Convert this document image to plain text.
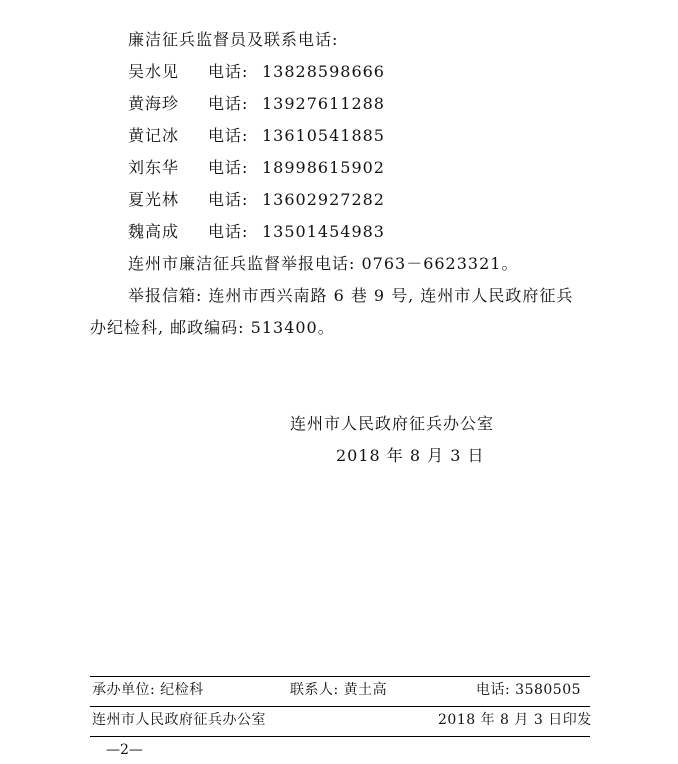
廉洁征兵监督员及联系电话:
吴水见 电话: 13828598666
黄海珍 电话: 13927611288
黄记冰 电话: 13610541885
刘东华 电话: 18998615902
夏光林 电话: 13602927282
魏高成 电话: 13501454983
连州市廉洁征兵监督举报电话: 0763－6623321。
举报信箱: 连州市西兴南路 6 巷 9 号, 连州市人民政府征兵
办纪检科, 邮政编码: 513400。
连州市人民政府征兵办公室
2018 年 8 月 3 日
承办单位: 纪检科	联系人: 黄土高	电话: 3580505
连州市人民政府征兵办公室	2018 年 8 月 3 日印发
—2—
